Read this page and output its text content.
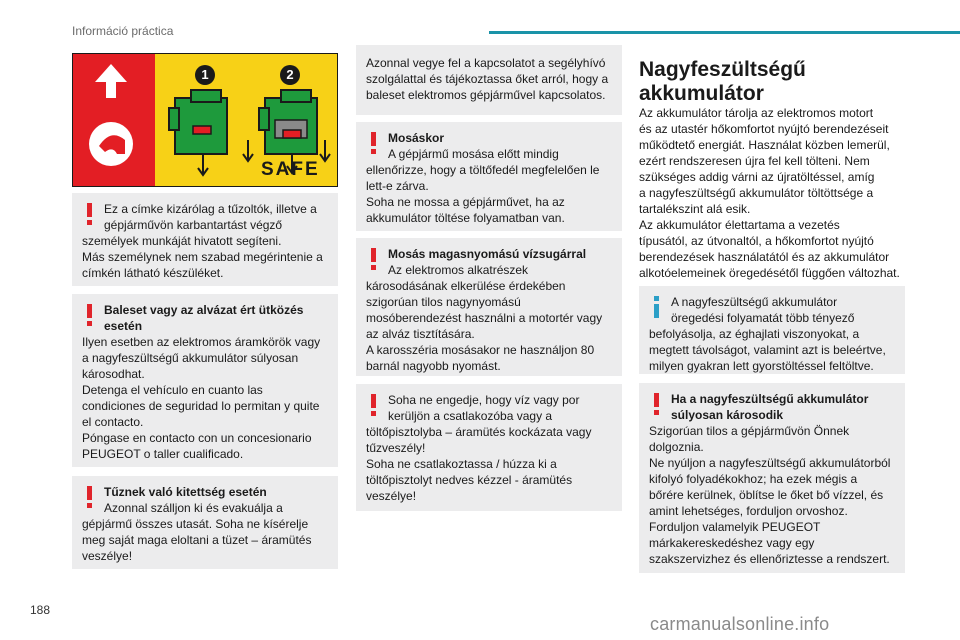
Információ práctica
1	2
SAFE

Ez a címke kizárólag a tűzoltók, illetve a

gépjárművön karbantartást végző

személyek munkáját hivatott segíteni.

Más személynek nem szabad megérintenie a

címkén látható készüléket.

Baleset vagy az alvázat ért ütközés

esetén

Ilyen esetben az elektromos áramkörök vagy

a nagyfeszültségű akkumulátor súlyosan

károsodhat.

Detenga el vehículo en cuanto las

condiciones de seguridad lo permitan y quite

el contacto.

Póngase en contacto con un concesionario

PEUGEOT o taller cualificado.

Tűznek való kitettség esetén

Azonnal szálljon ki és evakuálja a

gépjármű összes utasát. Soha ne kísérelje

meg saját maga eloltani a tüzet – áramütés

veszélye!

Azonnal vegye fel a kapcsolatot a segélyhívó

szolgálattal és tájékoztassa őket arról, hogy a

baleset elektromos gépjárművel kapcsolatos.

Mosáskor

A gépjármű mosása előtt mindig

ellenőrizze, hogy a töltőfedél megfelelően le

lett-e zárva.

Soha ne mossa a gépjárművet, ha az

akkumulátor töltése folyamatban van.

Mosás magasnyomású vízsugárral

Az elektromos alkatrészek

károsodásának elkerülése érdekében

szigorúan tilos nagynyomású

mosóberendezést használni a motortér vagy

az alváz tisztítására.

A karosszéria mosásakor ne használjon 80

barnál nagyobb nyomást.

Soha ne engedje, hogy víz vagy por

kerüljön a csatlakozóba vagy a

töltőpisztolyba – áramütés kockázata vagy

tűzveszély!

Soha ne csatlakoztassa / húzza ki a

töltőpisztolyt nedves kézzel - áramütés

veszélye!

Nagyfeszültségű
akkumulátor

Az akkumulátor tárolja az elektromos motort

és az utastér hőkomfortot nyújtó berendezéseit

működtető energiát. Használat közben lemerül,

ezért rendszeresen újra fel kell tölteni. Nem

szükséges addig várni az újratöltéssel, amíg

a nagyfeszültségű akkumulátor töltöttsége a

tartalékszint alá esik.

Az akkumulátor élettartama a vezetés

típusától, az útvonaltól, a hőkomfortot nyújtó

berendezések használatától és az akkumulátor

alkotóelemeinek öregedésétől függően változhat.

A nagyfeszültségű akkumulátor

öregedési folyamatát több tényező

befolyásolja, az éghajlati viszonyokat, a

megtett távolságot, valamint azt is beleértve,

milyen gyakran lett gyorstöltéssel feltöltve.

Ha a nagyfeszültségű akkumulátor

súlyosan károsodik

Szigorúan tilos a gépjárművön Önnek

dolgoznia.

Ne nyúljon a nagyfeszültségű akkumulátorból

kifolyó folyadékokhoz; ha ezek mégis a

bőrére kerülnek, öblítse le őket bő vízzel, és

amint lehetséges, forduljon orvoshoz.

Forduljon valamelyik PEUGEOT

márkakereskedéshez vagy egy

szakszervizhez és ellenőriztesse a rendszert.

188
carmanualsonline.info
